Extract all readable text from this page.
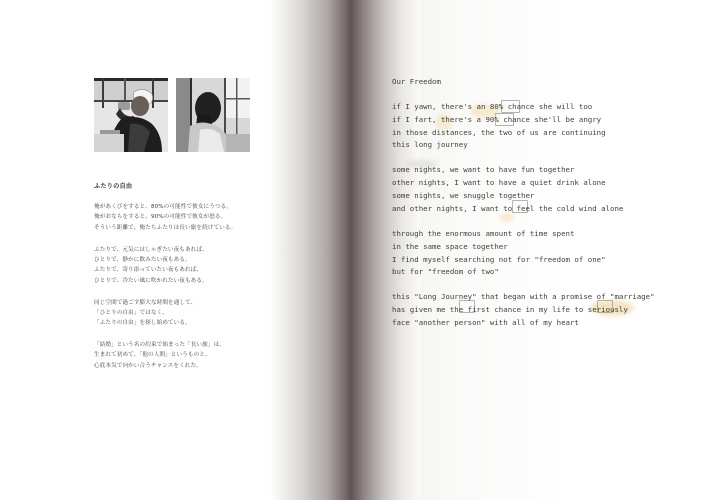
ふたりの自由
俺があくびをすると、80%の可能性で彼女にうつる。
俺がおならをすると、90%の可能性で彼女が怒る。
そういう距離で、俺たちふたりは長い旅を続けている。
ふたりで、元気にはしゃぎたい夜もあれば、
ひとりで、静かに飲みたい夜もある。
ふたりで、寄り添っていたい夜もあれば、
ひとりで、冷たい風に吹かれたい夜もある。
同じ空間で過ごす膨大な時間を通して、
「ひとりの自由」ではなく、
「ふたりの自由」を探し始めている。
「結婚」という名の約束で始まった「長い旅」は、
生まれて初めて、「他の人間」というものと、
心底本気で向かい合うチャンスをくれた。
Our Freedom
if I yawn, there's an 80% chance she will too
if I fart, there's a 90% chance she'll be angry
in those distances, the two of us are continuing
this long journey
some nights, we want to have fun together
other nights, I want to have a quiet drink alone
some nights, we snuggle together
and other nights, I want to feel the cold wind alone
through the enormous amount of time spent
in the same space together
I find myself searching not for "freedom of one"
but for "freedom of two"
this "Long Journey" that began with a promise of "marriage"
has given me the first chance in my life to seriously
face "another person" with all of my heart
